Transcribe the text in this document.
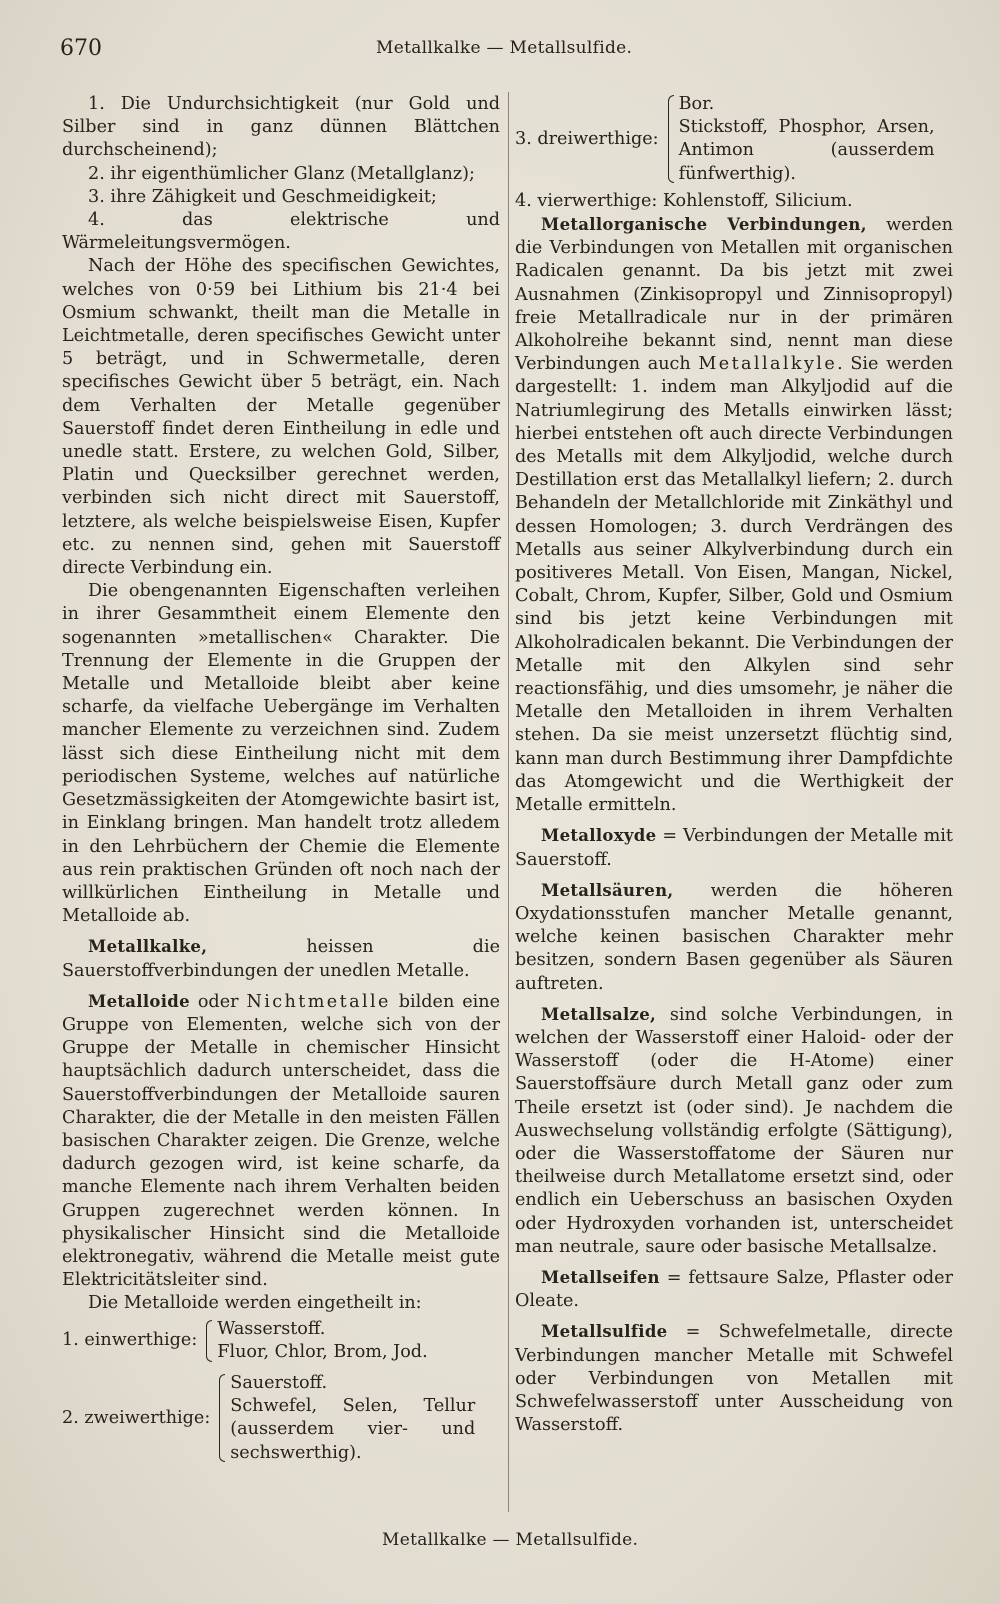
670	Metallkalke — Metallsulfide.

1. Die Undurchsichtigkeit (nur Gold und Silber sind in ganz dünnen Blättchen durchscheinend);

2. ihr eigenthümlicher Glanz (Metallglanz);

3. ihre Zähigkeit und Geschmeidigkeit;

4. das elektrische und Wärmeleitungsvermögen.

Nach der Höhe des specifischen Gewichtes, welches von 0·59 bei Lithium bis 21·4 bei Osmium schwankt, theilt man die Metalle in Leichtmetalle, deren specifisches Gewicht unter 5 beträgt, und in Schwermetalle, deren specifisches Gewicht über 5 beträgt, ein. Nach dem Verhalten der Metalle gegenüber Sauerstoff findet deren Eintheilung in edle und unedle statt. Erstere, zu welchen Gold, Silber, Platin und Quecksilber gerechnet werden, verbinden sich nicht direct mit Sauerstoff, letztere, als welche beispielsweise Eisen, Kupfer etc. zu nennen sind, gehen mit Sauerstoff directe Verbindung ein.

Die obengenannten Eigenschaften verleihen in ihrer Gesammtheit einem Elemente den sogenannten »metallischen« Charakter. Die Trennung der Elemente in die Gruppen der Metalle und Metalloide bleibt aber keine scharfe, da vielfache Uebergänge im Verhalten mancher Elemente zu verzeichnen sind. Zudem lässt sich diese Eintheilung nicht mit dem periodischen Systeme, welches auf natürliche Gesetzmässigkeiten der Atomgewichte basirt ist, in Einklang bringen. Man handelt trotz alledem in den Lehrbüchern der Chemie die Elemente aus rein praktischen Gründen oft noch nach der willkürlichen Eintheilung in Metalle und Metalloide ab.

Metallkalke, heissen die Sauerstoffverbindungen der unedlen Metalle.

Metalloide oder Nichtmetalle bilden eine Gruppe von Elementen, welche sich von der Gruppe der Metalle in chemischer Hinsicht hauptsächlich dadurch unterscheidet, dass die Sauerstoffverbindungen der Metalloide sauren Charakter, die der Metalle in den meisten Fällen basischen Charakter zeigen. Die Grenze, welche dadurch gezogen wird, ist keine scharfe, da manche Elemente nach ihrem Verhalten beiden Gruppen zugerechnet werden können. In physikalischer Hinsicht sind die Metalloide elektronegativ, während die Metalle meist gute Elektricitätsleiter sind.

Die Metalloide werden eingetheilt in:

1. einwerthige:	

Wasserstoff.
Fluor, Chlor, Brom, Jod.
2. zweiwerthige:	

Sauerstoff.
Schwefel, Selen, Tellur (ausserdem vier- und sechswerthig).
3. dreiwerthige:	

Bor.
Stickstoff, Phosphor, Arsen, Antimon (ausserdem fünfwerthig).

4. vierwerthige: Kohlenstoff, Silicium.

Metallorganische Verbindungen, werden die Verbindungen von Metallen mit organischen Radicalen genannt. Da bis jetzt mit zwei Ausnahmen (Zinkisopropyl und Zinnisopropyl) freie Metallradicale nur in der primären Alkoholreihe bekannt sind, nennt man diese Verbindungen auch Metallalkyle. Sie werden dargestellt: 1. indem man Alkyljodid auf die Natriumlegirung des Metalls einwirken lässt; hierbei entstehen oft auch directe Verbindungen des Metalls mit dem Alkyljodid, welche durch Destillation erst das Metallalkyl liefern; 2. durch Behandeln der Metallchloride mit Zinkäthyl und dessen Homologen; 3. durch Verdrängen des Metalls aus seiner Alkylverbindung durch ein positiveres Metall. Von Eisen, Mangan, Nickel, Cobalt, Chrom, Kupfer, Silber, Gold und Osmium sind bis jetzt keine Verbindungen mit Alkoholradicalen bekannt. Die Verbindungen der Metalle mit den Alkylen sind sehr reactionsfähig, und dies umsomehr, je näher die Metalle den Metalloiden in ihrem Verhalten stehen. Da sie meist unzersetzt flüchtig sind, kann man durch Bestimmung ihrer Dampfdichte das Atomgewicht und die Werthigkeit der Metalle ermitteln.

Metalloxyde = Verbindungen der Metalle mit Sauerstoff.

Metallsäuren, werden die höheren Oxydationsstufen mancher Metalle genannt, welche keinen basischen Charakter mehr besitzen, sondern Basen gegenüber als Säuren auftreten.

Metallsalze, sind solche Verbindungen, in welchen der Wasserstoff einer Haloid- oder der Wasserstoff (oder die H-Atome) einer Sauerstoffsäure durch Metall ganz oder zum Theile ersetzt ist (oder sind). Je nachdem die Auswechselung vollständig erfolgte (Sättigung), oder die Wasserstoffatome der Säuren nur theilweise durch Metallatome ersetzt sind, oder endlich ein Ueberschuss an basischen Oxyden oder Hydroxyden vorhanden ist, unterscheidet man neutrale, saure oder basische Metallsalze.

Metallseifen = fettsaure Salze, Pflaster oder Oleate.

Metallsulfide = Schwefelmetalle, directe Verbindungen mancher Metalle mit Schwefel oder Verbindungen von Metallen mit Schwefelwasserstoff unter Ausscheidung von Wasserstoff.

Metallkalke — Metallsulfide.
